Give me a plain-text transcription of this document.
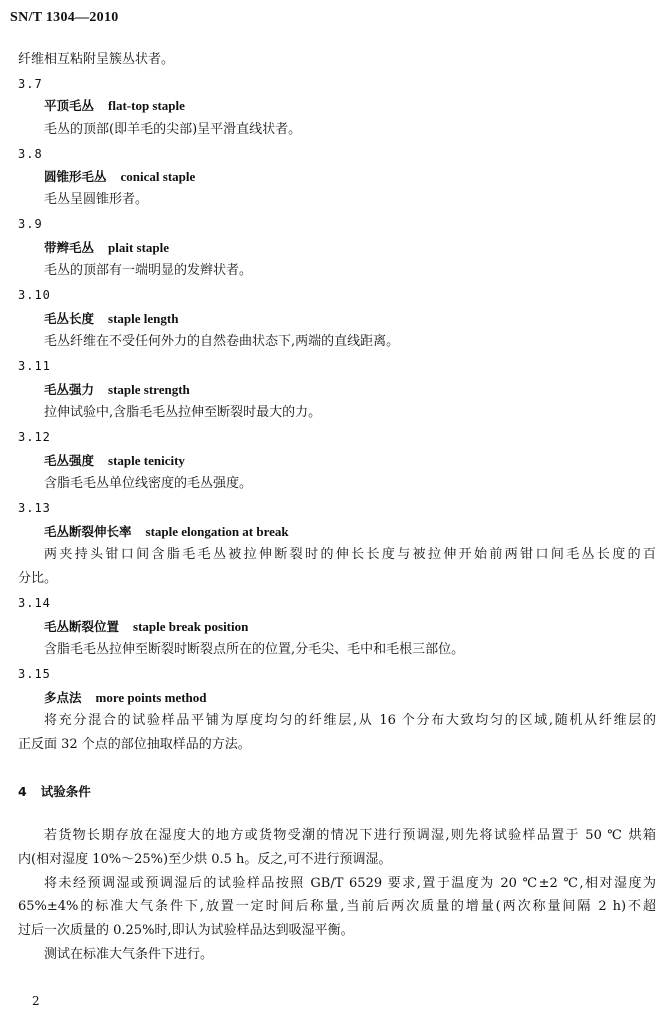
SN/T 1304—2010
纤维相互粘附呈簇丛状者。
3.7
平顶毛丛 flat-top staple
毛丛的顶部(即羊毛的尖部)呈平滑直线状者。
3.8
圆锥形毛丛 conical staple
毛丛呈圆锥形者。
3.9
带辫毛丛 plait staple
毛丛的顶部有一端明显的发辫状者。
3.10
毛丛长度 staple length
毛丛纤维在不受任何外力的自然卷曲状态下,两端的直线距离。
3.11
毛丛强力 staple strength
拉伸试验中,含脂毛毛丛拉伸至断裂时最大的力。
3.12
毛丛强度 staple tenicity
含脂毛毛丛单位线密度的毛丛强度。
3.13
毛丛断裂伸长率 staple elongation at break
两夹持头钳口间含脂毛毛丛被拉伸断裂时的伸长长度与被拉伸开始前两钳口间毛丛长度的百
分比。
3.14
毛丛断裂位置 staple break position
含脂毛毛丛拉伸至断裂时断裂点所在的位置,分毛尖、毛中和毛根三部位。
3.15
多点法 more points method
将充分混合的试验样品平铺为厚度均匀的纤维层,从 16 个分布大致均匀的区域,随机从纤维层的
正反面 32 个点的部位抽取样品的方法。
4 试验条件
若货物长期存放在湿度大的地方或货物受潮的情况下进行预调湿,则先将试验样品置于 50 ℃ 烘箱
内(相对湿度 10%～25%)至少烘 0.5 h。反之,可不进行预调湿。
将未经预调湿或预调湿后的试验样品按照 GB/T 6529 要求,置于温度为 20 ℃±2 ℃,相对湿度为
65%±4%的标准大气条件下,放置一定时间后称量,当前后两次质量的增量(两次称量间隔 2 h)不超
过后一次质量的 0.25%时,即认为试验样品达到吸湿平衡。
测试在标准大气条件下进行。
2
